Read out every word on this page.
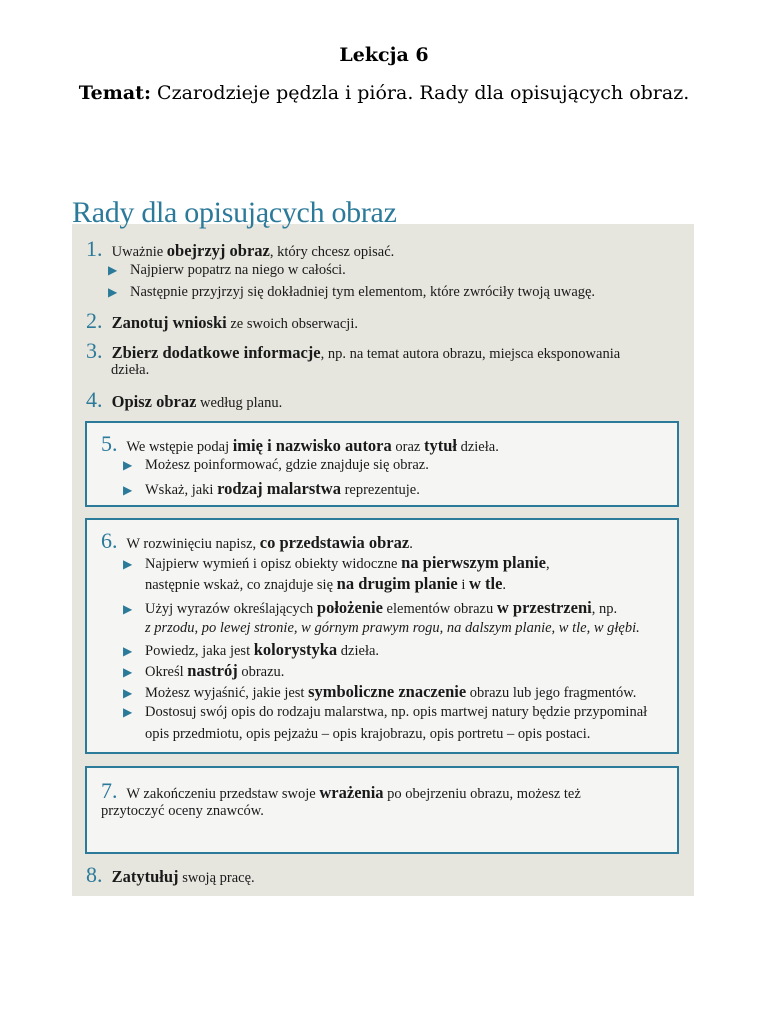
Lekcja 6
Temat: Czarodzieje pędzla i pióra. Rady dla opisujących obraz.
Rady dla opisujących obraz
1. Uważnie obejrzyj obraz, który chcesz opisać.
▶ Najpierw popatrz na niego w całości.
▶ Następnie przyjrzyj się dokładniej tym elementom, które zwróciły twoją uwagę.
2. Zanotuj wnioski ze swoich obserwacji.
3. Zbierz dodatkowe informacje, np. na temat autora obrazu, miejsca eksponowania
dzieła.
4. Opisz obraz według planu.
5. We wstępie podaj imię i nazwisko autora oraz tytuł dzieła.
▶ Możesz poinformować, gdzie znajduje się obraz.
▶ Wskaż, jaki rodzaj malarstwa reprezentuje.
6. W rozwinięciu napisz, co przedstawia obraz.
▶ Najpierw wymień i opisz obiekty widoczne na pierwszym planie,
następnie wskaż, co znajduje się na drugim planie i w tle.
▶ Użyj wyrazów określających położenie elementów obrazu w przestrzeni, np.
z przodu, po lewej stronie, w górnym prawym rogu, na dalszym planie, w tle, w głębi.
▶ Powiedz, jaka jest kolorystyka dzieła.
▶ Określ nastrój obrazu.
▶ Możesz wyjaśnić, jakie jest symboliczne znaczenie obrazu lub jego fragmentów.
▶ Dostosuj swój opis do rodzaju malarstwa, np. opis martwej natury będzie przypominał
opis przedmiotu, opis pejzażu – opis krajobrazu, opis portretu – opis postaci.
7. W zakończeniu przedstaw swoje wrażenia po obejrzeniu obrazu, możesz też
przytoczyć oceny znawców.
8. Zatytułuj swoją pracę.
